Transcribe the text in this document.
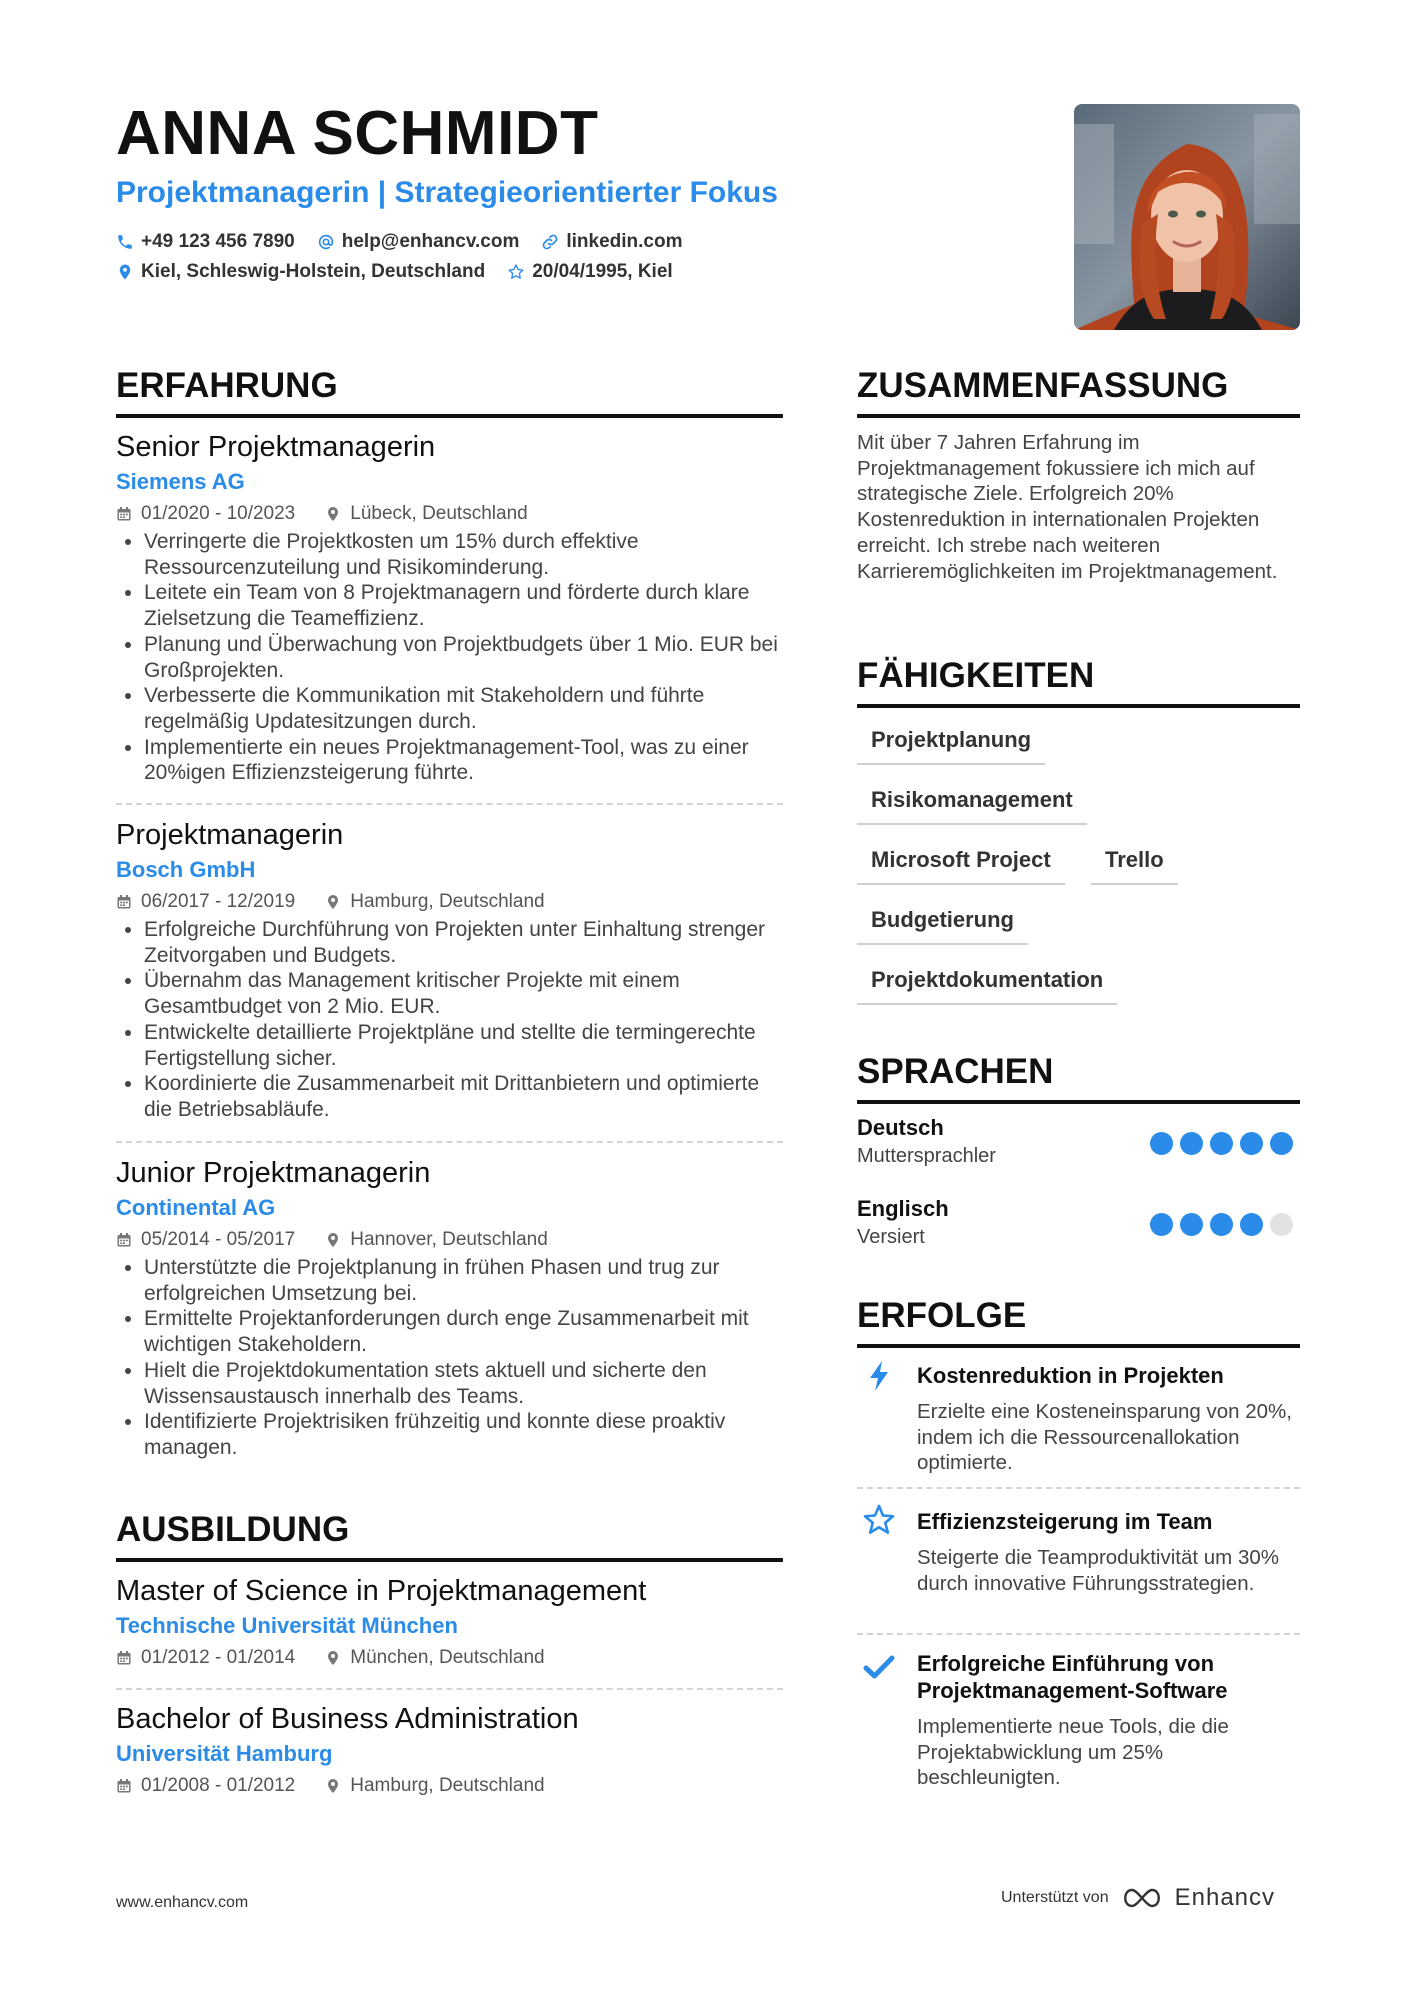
ANNA SCHMIDT
Projektmanagerin | Strategieorientierter Fokus
+49 123 456 7890 help@enhancv.com linkedin.com
Kiel, Schleswig-Holstein, Deutschland 20/04/1995, Kiel
ERFAHRUNG
Senior Projektmanagerin
Siemens AG
01/2020 - 10/2023	Lübeck, Deutschland
• Verringerte die Projektkosten um 15% durch effektive Ressourcenzuteilung und Risikominderung.
• Leitete ein Team von 8 Projektmanagern und förderte durch klare Zielsetzung die Teameffizienz.
• Planung und Überwachung von Projektbudgets über 1 Mio. EUR bei Großprojekten.
• Verbesserte die Kommunikation mit Stakeholdern und führte regelmäßig Updatesitzungen durch.
• Implementierte ein neues Projektmanagement-Tool, was zu einer 20%igen Effizienzsteigerung führte.
Projektmanagerin
Bosch GmbH
06/2017 - 12/2019	Hamburg, Deutschland
• Erfolgreiche Durchführung von Projekten unter Einhaltung strenger Zeitvorgaben und Budgets.
• Übernahm das Management kritischer Projekte mit einem Gesamtbudget von 2 Mio. EUR.
• Entwickelte detaillierte Projektpläne und stellte die termingerechte Fertigstellung sicher.
• Koordinierte die Zusammenarbeit mit Drittanbietern und optimierte die Betriebsabläufe.
Junior Projektmanagerin
Continental AG
05/2014 - 05/2017	Hannover, Deutschland
• Unterstützte die Projektplanung in frühen Phasen und trug zur erfolgreichen Umsetzung bei.
• Ermittelte Projektanforderungen durch enge Zusammenarbeit mit wichtigen Stakeholdern.
• Hielt die Projektdokumentation stets aktuell und sicherte den Wissensaustausch innerhalb des Teams.
• Identifizierte Projektrisiken frühzeitig und konnte diese proaktiv managen.
AUSBILDUNG
Master of Science in Projektmanagement
Technische Universität München
01/2012 - 01/2014	München, Deutschland
Bachelor of Business Administration
Universität Hamburg
01/2008 - 01/2012	Hamburg, Deutschland
ZUSAMMENFASSUNG

Mit über 7 Jahren Erfahrung im Projektmanagement fokussiere ich mich auf strategische Ziele. Erfolgreich 20% Kostenreduktion in internationalen Projekten erreicht. Ich strebe nach weiteren Karrieremöglichkeiten im Projektmanagement.

FÄHIGKEITEN
Projektplanung
Risikomanagement
Microsoft Project	Trello
Budgetierung
Projektdokumentation
SPRACHEN
Deutsch
Muttersprachler
Englisch
Versiert
ERFOLGE
Kostenreduktion in Projekten
Erzielte eine Kosteneinsparung von 20%, indem ich die Ressourcenallokation optimierte.
Effizienzsteigerung im Team
Steigerte die Teamproduktivität um 30% durch innovative Führungsstrategien.
Erfolgreiche Einführung von Projektmanagement-Software
Implementierte neue Tools, die die Projektabwicklung um 25% beschleunigten.
www.enhancv.com	Unterstützt von	Enhancv
